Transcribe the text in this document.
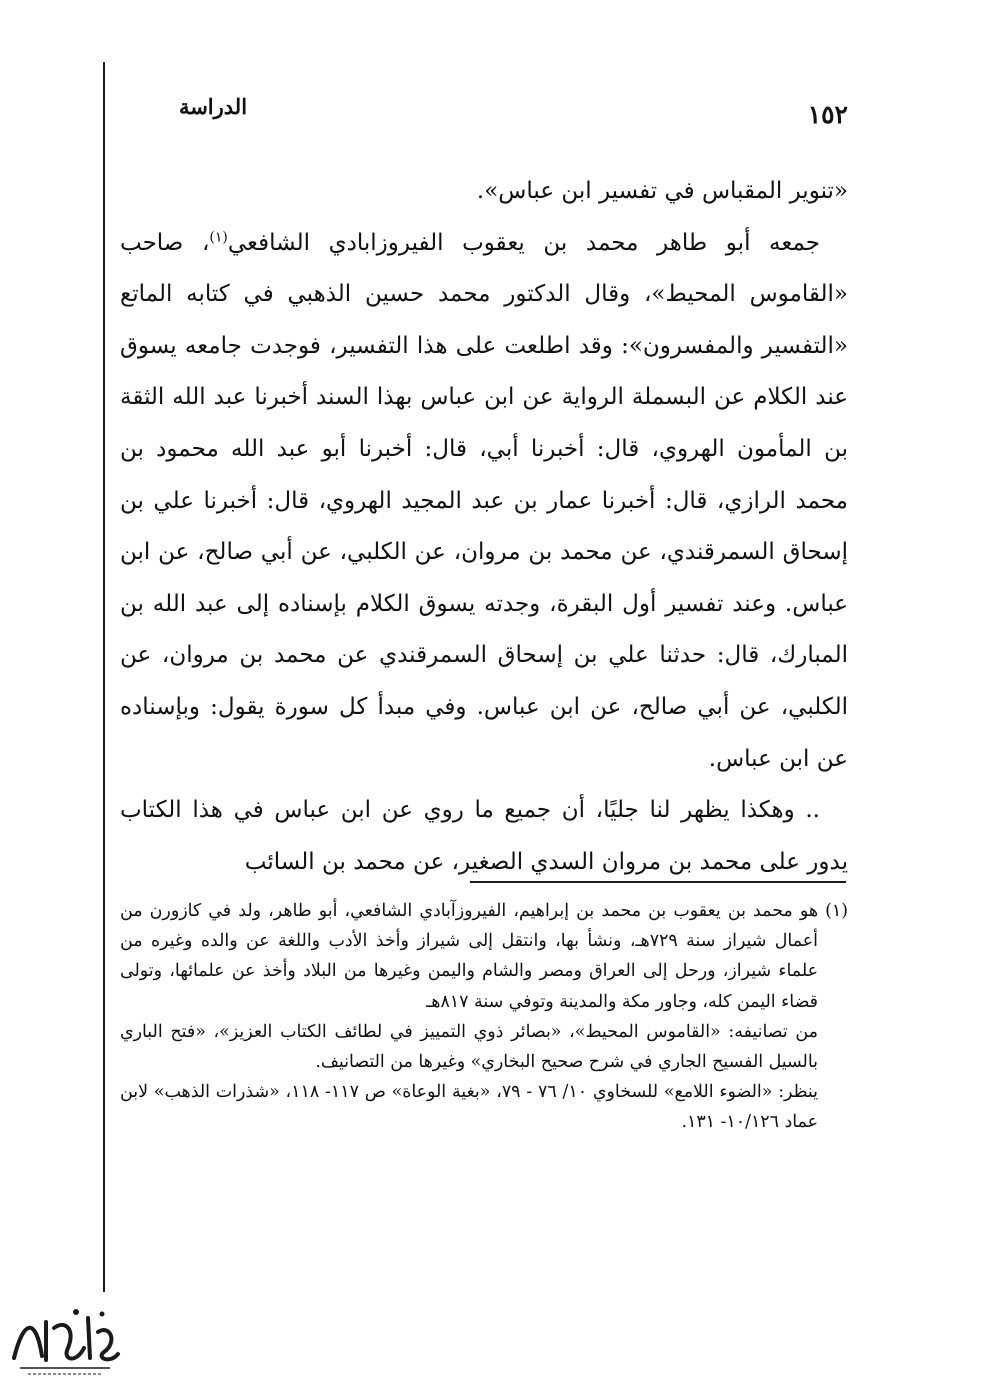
الدراسة	١٥٢

«تنوير المقباس في تفسير ابن عباس».

جمعه أبو طاهر محمد بن يعقوب الفيروزابادي الشافعي$^{(١)}$، صاحب «القاموس المحيط»، وقال الدكتور محمد حسين الذهبي في كتابه الماتع «التفسير والمفسرون»: وقد اطلعت على هذا التفسير، فوجدت جامعه يسوق عند الكلام عن البسملة الرواية عن ابن عباس بهذا السند أخبرنا عبد الله الثقة بن المأمون الهروي، قال: أخبرنا أبي، قال: أخبرنا أبو عبد الله محمود بن محمد الرازي، قال: أخبرنا عمار بن عبد المجيد الهروي، قال: أخبرنا علي بن إسحاق السمرقندي، عن محمد بن مروان، عن الكلبي، عن أبي صالح، عن ابن عباس. وعند تفسير أول البقرة، وجدته يسوق الكلام بإسناده إلى عبد الله بن المبارك، قال: حدثنا علي بن إسحاق السمرقندي عن محمد بن مروان، عن الكلبي، عن أبي صالح، عن ابن عباس. وفي مبدأ كل سورة يقول: وبإسناده عن ابن عباس.

.. وهكذا يظهر لنا جليًا، أن جميع ما روي عن ابن عباس في هذا الكتاب يدور على محمد بن مروان السدي الصغير، عن محمد بن السائب

(١)
هو محمد بن يعقوب بن محمد بن إبراهيم، الفيروزآبادي الشافعي، أبو طاهر، ولد في كازورن من أعمال شيراز سنة ٧٢٩هـ، ونشأ بها، وانتقل إلى شيراز وأخذ الأدب واللغة عن والده وغيره من علماء شيراز، ورحل إلى العراق ومصر والشام واليمن وغيرها من البلاد وأخذ عن علمائها، وتولى قضاء اليمن كله، وجاور مكة والمدينة وتوفي سنة ٨١٧هـ

من تصانيفه: «القاموس المحيط»، «بصائر ذوي التمييز في لطائف الكتاب العزيز»، «فتح الباري بالسيل الفسيح الجاري في شرح صحيح البخاري» وغيرها من التصانيف.

ينظر: «الضوء اللامع» للسخاوي ١٠/ ٧٦ - ٧٩، «بغية الوعاة» ص ١١٧- ١١٨، «شذرات الذهب» لابن عماد ١٠/١٢٦- ١٣١.
